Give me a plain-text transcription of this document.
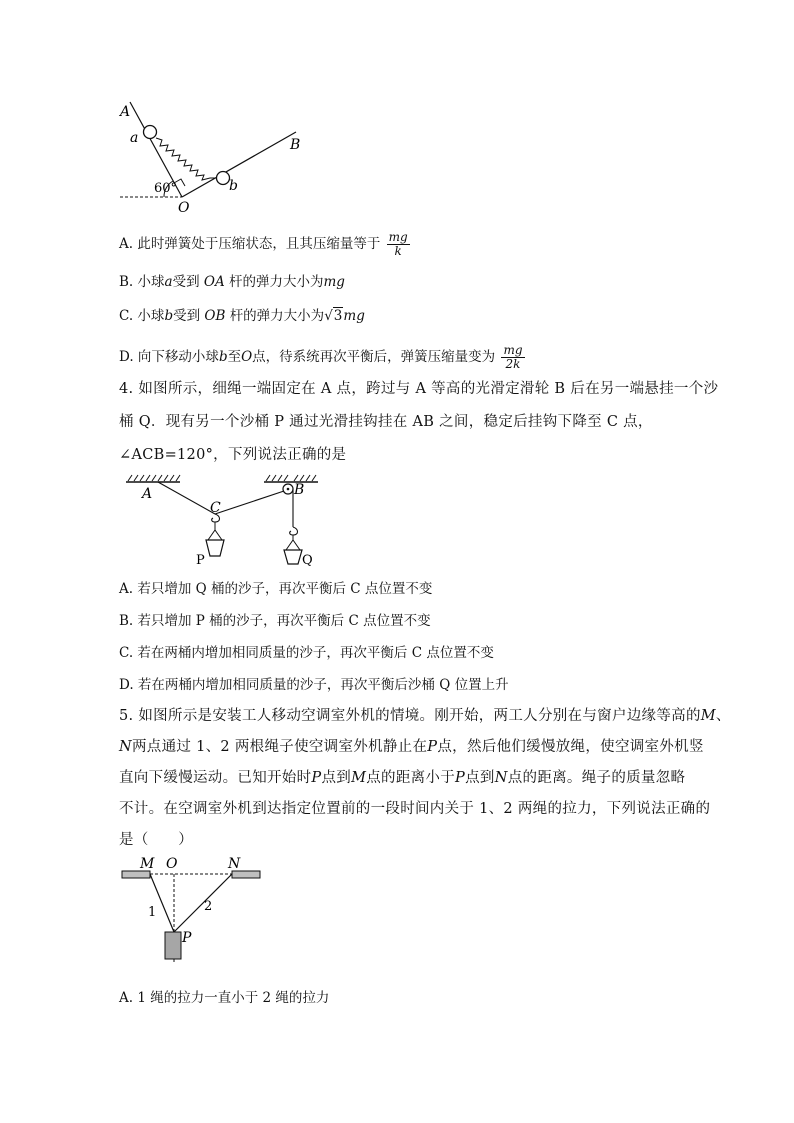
A
a	B
b
O
60°
A. 此时弹簧处于压缩状态，且其压缩量等于 $\frac{mg}{k}$
B. 小球a受到 OA 杆的弹力大小为mg
C. 小球b受到 OB 杆的弹力大小为√3mg
D. 向下移动小球b至O点，待系统再次平衡后，弹簧压缩量变为 $\frac{mg}{2k}$
4. 如图所示，细绳一端固定在 A 点，跨过与 A 等高的光滑定滑轮 B 后在另一端悬挂一个沙
桶 Q．现有另一个沙桶 P 通过光滑挂钩挂在 AB 之间，稳定后挂钩下降至 C 点，
∠ACB=120°，下列说法正确的是
A	B
C
P	Q
A. 若只增加 Q 桶的沙子，再次平衡后 C 点位置不变
B. 若只增加 P 桶的沙子，再次平衡后 C 点位置不变
C. 若在两桶内增加相同质量的沙子，再次平衡后 C 点位置不变
D. 若在两桶内增加相同质量的沙子，再次平衡后沙桶 Q 位置上升
5. 如图所示是安装工人移动空调室外机的情境。刚开始，两工人分别在与窗户边缘等高的M、
N两点通过 1、2 两根绳子使空调室外机静止在P点，然后他们缓慢放绳，使空调室外机竖
直向下缓慢运动。已知开始时P点到M点的距离小于P点到N点的距离。绳子的质量忽略
不计。在空调室外机到达指定位置前的一段时间内关于 1、2 两绳的拉力，下列说法正确的
是（　　）
M O	N
1	2
P
A. 1 绳的拉力一直小于 2 绳的拉力
